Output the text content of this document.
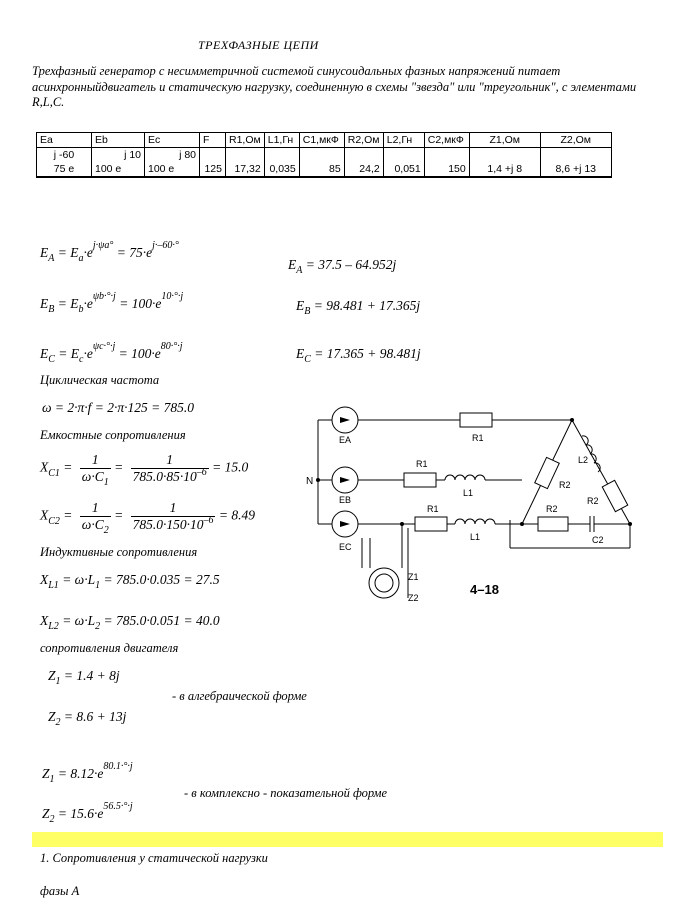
ТРЕХФАЗНЫЕ ЦЕПИ
Трехфазный генератор с несимметричной системой синусоидальных фазных напряжений питает асинхронныйдвигатель и статическую нагрузку, соединенную в схемы "звезда" или "треугольник", с элементами R,L,C.
Ea	Eb	Ec	F	R1,Ом	L1,Гн	C1,мкФ	R2,Ом	L2,Гн	C2,мкФ	Z1,Ом	Z2,Ом
j -60	j 10	j 80									
75 e	100 e	100 e	125	17,32	0,035	85	24,2	0,051	150	1,4 +j 8	8,6 +j 13
$E_A = E_a\cdot e^{j\cdot\psi a^\circ} = 75\cdot e^{j\cdot-60\cdot^\circ}$
$E_A = 37.5 - 64.952j$
$E_B = E_b\cdot e^{\psi b\cdot^\circ\cdot j} = 100\cdot e^{10\cdot^\circ\cdot j}$
$E_B = 98.481 + 17.365j$
$E_C = E_c\cdot e^{\psi c\cdot^\circ\cdot j} = 100\cdot e^{80\cdot^\circ\cdot j}$	$E_C = 17.365 + 98.481j$
Циклическая частота
ω = 2·π·f = 2·π·125 = 785.0
Емкостные сопротивления
$X_{C1} = \frac{1}{\omega\cdot C_1} = \frac{1}{785.0\cdot 85\cdot 10^{-6}} = 15.0$
$X_{C2} = \frac{1}{\omega\cdot C_2} = \frac{1}{785.0\cdot 150\cdot 10^{-6}} = 8.49$
Индуктивные сопротивления
$X_{L1} = \omega\cdot L_1 = 785.0\cdot 0.035 = 27.5$
$X_{L2} = \omega\cdot L_2 = 785.0\cdot 0.051 = 40.0$
сопротивления двигателя
$Z_1 = 1.4 + 8j$
- в алгебраической форме
$Z_2 = 8.6 + 13j$
$Z_1 = 8.12\cdot e^{80.1\cdot^\circ\cdot j}$
- в комплексно - показательной форме
$Z_2 = 15.6\cdot e^{56.5\cdot^\circ\cdot j}$
1. Сопротивления у статической нагрузки
фазы А
EA
EB
EC
N
R1
R1
L1
R1
L1
R2
L2
R2
R2
C2
Z1
Z2
4–18
